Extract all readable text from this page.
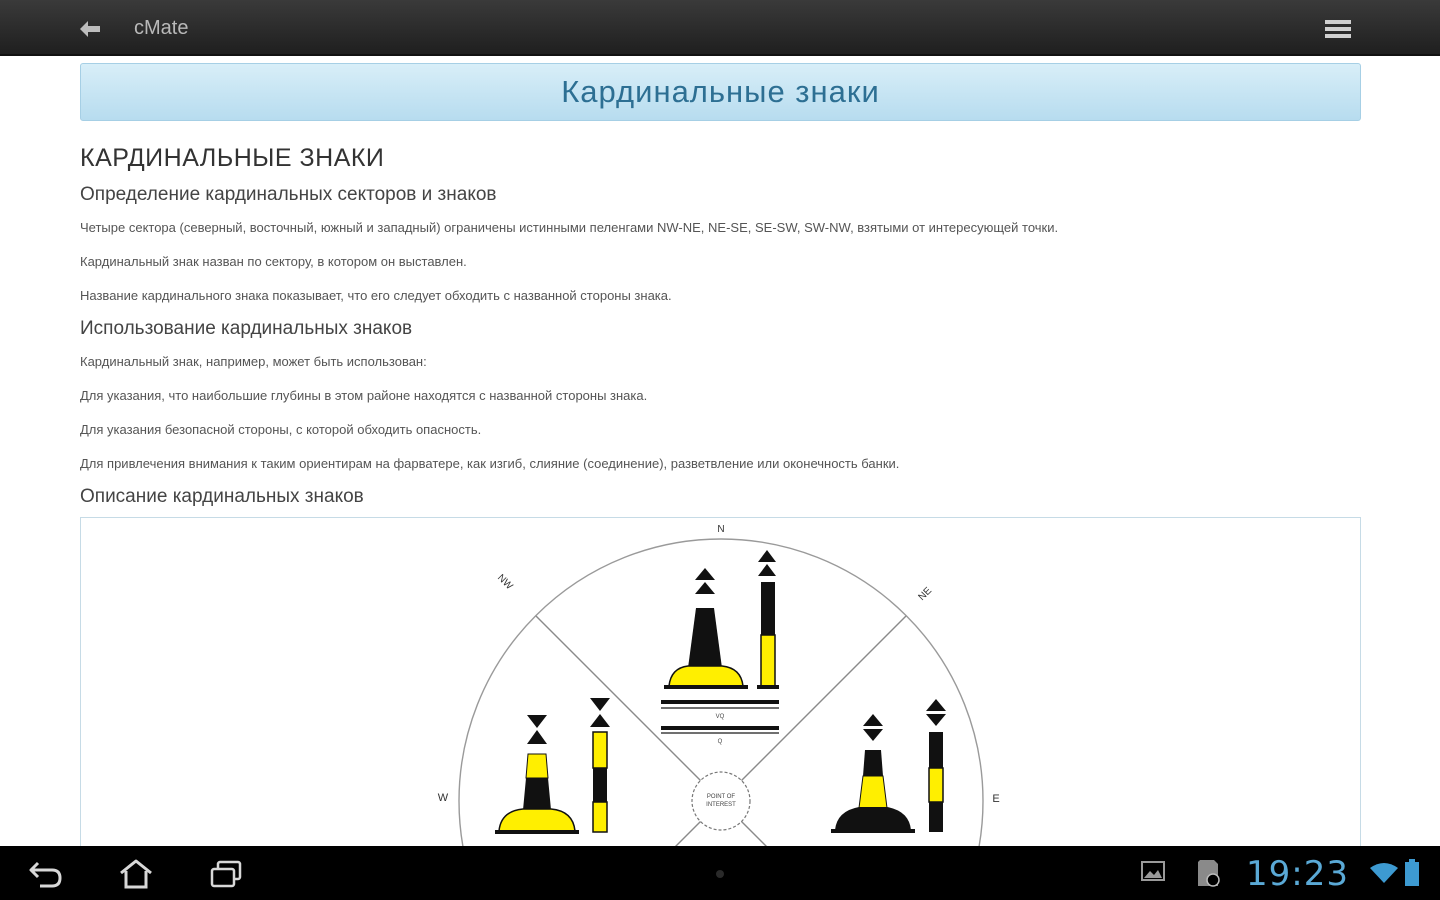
cMate
Кардинальные знаки
КАРДИНАЛЬНЫЕ ЗНАКИ
Определение кардинальных секторов и знаков
Четыре сектора (северный, восточный, южный и западный) ограничены истинными пеленгами NW-NE, NE-SE, SE-SW, SW-NW, взятыми от интересующей точки.
Кардинальный знак назван по сектору, в котором он выставлен.
Название кардинального знака показывает, что его следует обходить с названной стороны знака.
Использование кардинальных знаков
Кардинальный знак, например, может быть использован:
Для указания, что наибольшие глубины в этом районе находятся с названной стороны знака.
Для указания безопасной стороны, с которой обходить опасность.
Для привлечения внимания к таким ориентирам на фарватере, как изгиб, слияние (соединение), разветвление или оконечность банки.
Описание кардинальных знаков
N
NW
NE
W	E
POINT OF
INTEREST
VQ
Q
19:23
